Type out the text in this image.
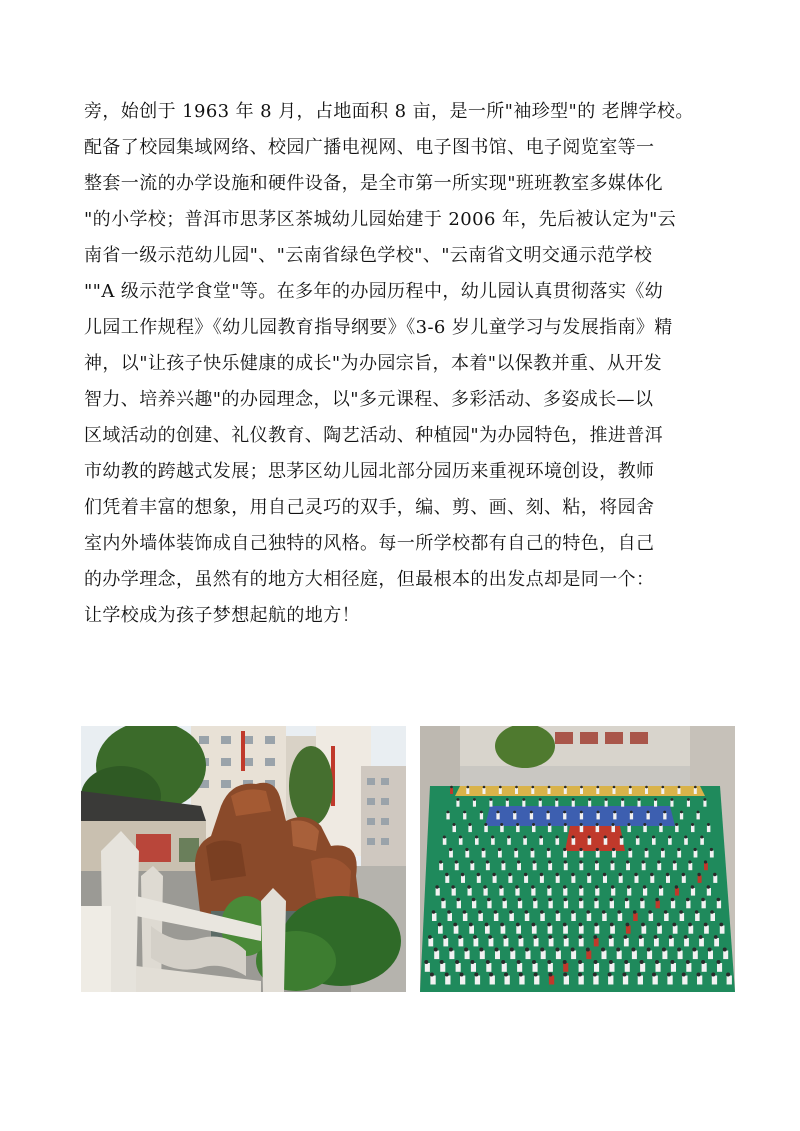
旁，始创于 1963 年 8 月，占地面积 8 亩，是一所"袖珍型"的 老牌学校。
配备了校园集域网络、校园广播电视网、电子图书馆、电子阅览室等一
整套一流的办学设施和硬件设备，是全市第一所实现"班班教室多媒体化
"的小学校；普洱市思茅区茶城幼儿园始建于 2006 年，先后被认定为"云
南省一级示范幼儿园"、"云南省绿色学校"、"云南省文明交通示范学校
""A 级示范学食堂"等。在多年的办园历程中，幼儿园认真贯彻落实《幼
儿园工作规程》《幼儿园教育指导纲要》《3-6 岁儿童学习与发展指南》精
神，以"让孩子快乐健康的成长"为办园宗旨，本着"以保教并重、从开发
智力、培养兴趣"的办园理念，以"多元课程、多彩活动、多姿成长—以
区域活动的创建、礼仪教育、陶艺活动、种植园"为办园特色，推进普洱
市幼教的跨越式发展；思茅区幼儿园北部分园历来重视环境创设，教师
们凭着丰富的想象，用自己灵巧的双手，编、剪、画、刻、粘，将园舍
室内外墙体装饰成自己独特的风格。每一所学校都有自己的特色，自己
的办学理念，虽然有的地方大相径庭，但最根本的出发点却是同一个：
让学校成为孩子梦想起航的地方！
